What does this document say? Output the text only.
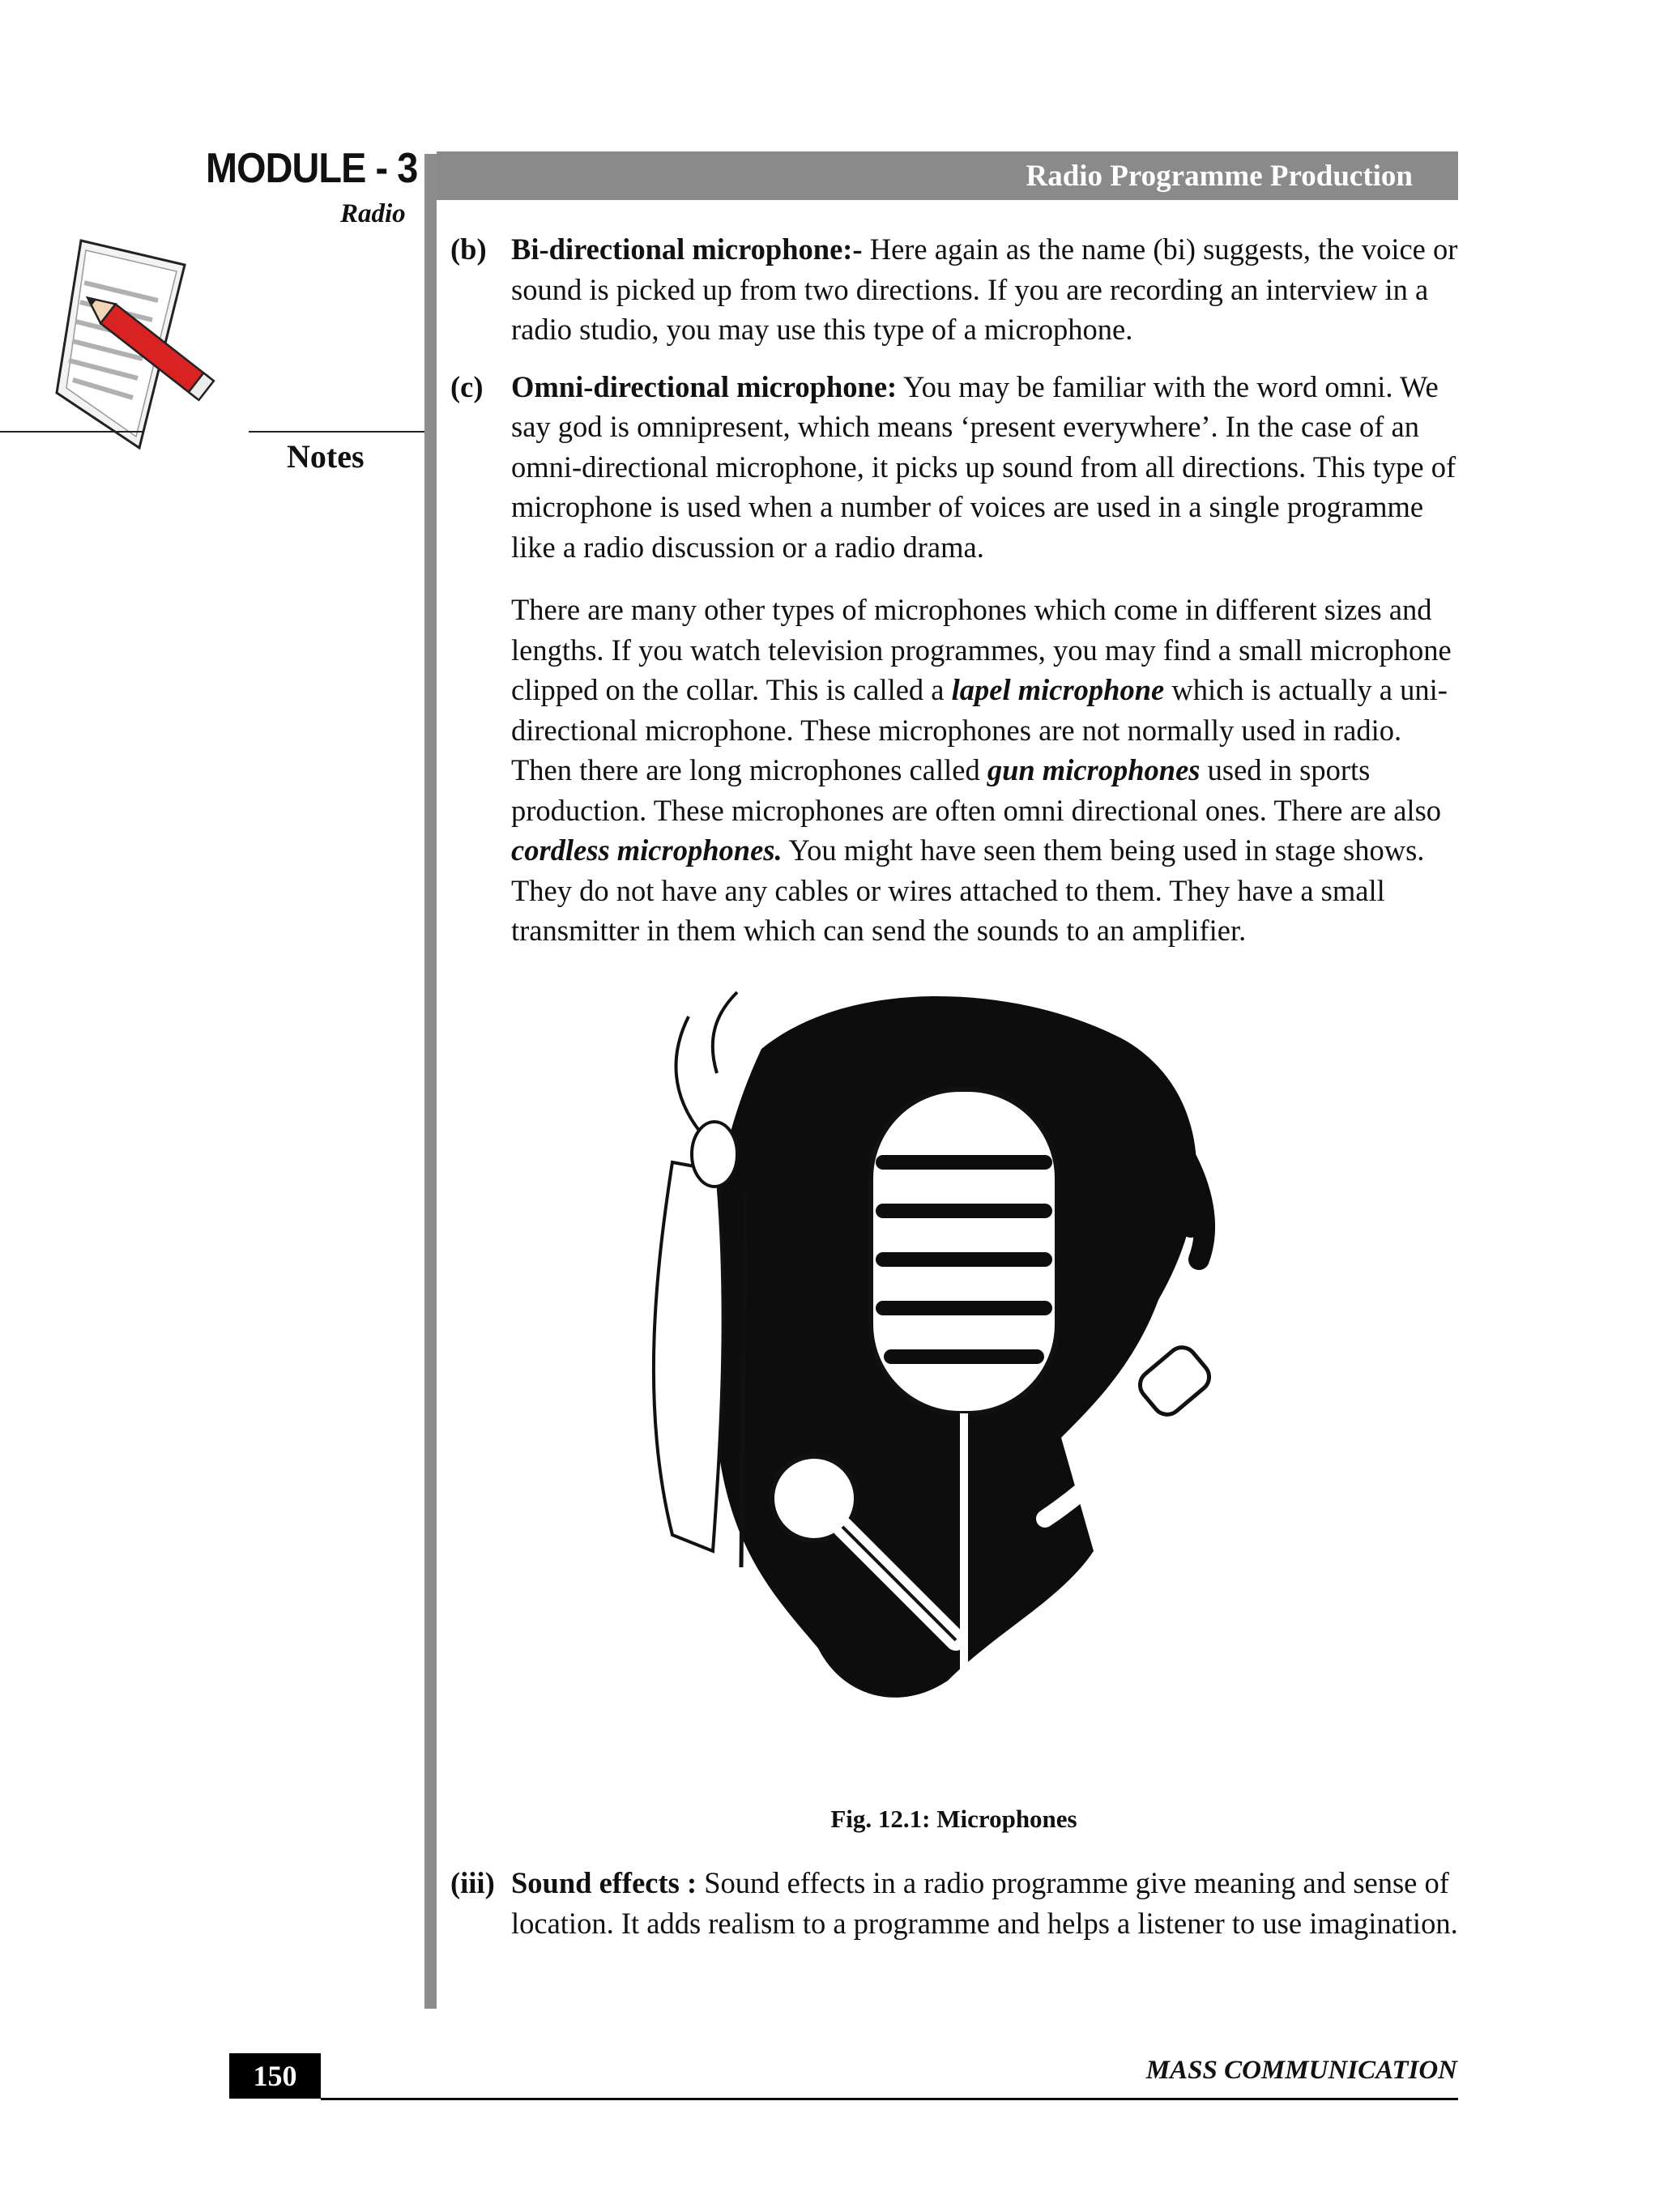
MODULE - 3
Radio
Notes
Radio Programme Production
(b) Bi-directional microphone:- Here again as the name (bi) suggests, the voice or sound is picked up from two directions. If you are recording an interview in a radio studio, you may use this type of a microphone.
(c) Omni-directional microphone: You may be familiar with the word omni. We say god is omnipresent, which means ‘present everywhere’. In the case of an omni-directional microphone, it picks up sound from all directions. This type of microphone is used when a number of voices are used in a single programme like a radio discussion or a radio drama.

There are many other types of microphones which come in different sizes and lengths. If you watch television programmes, you may find a small microphone clipped on the collar. This is called a lapel microphone which is actually a uni-directional microphone. These microphones are not normally used in radio. Then there are long microphones called gun microphones used in sports production. These microphones are often omni directional ones. There are also cordless microphones. You might have seen them being used in stage shows. They do not have any cables or wires attached to them. They have a small transmitter in them which can send the sounds to an amplifier.

Fig. 12.1: Microphones
(iii) Sound effects : Sound effects in a radio programme give meaning and sense of location. It adds realism to a programme and helps a listener to use imagination.
150	MASS COMMUNICATION
